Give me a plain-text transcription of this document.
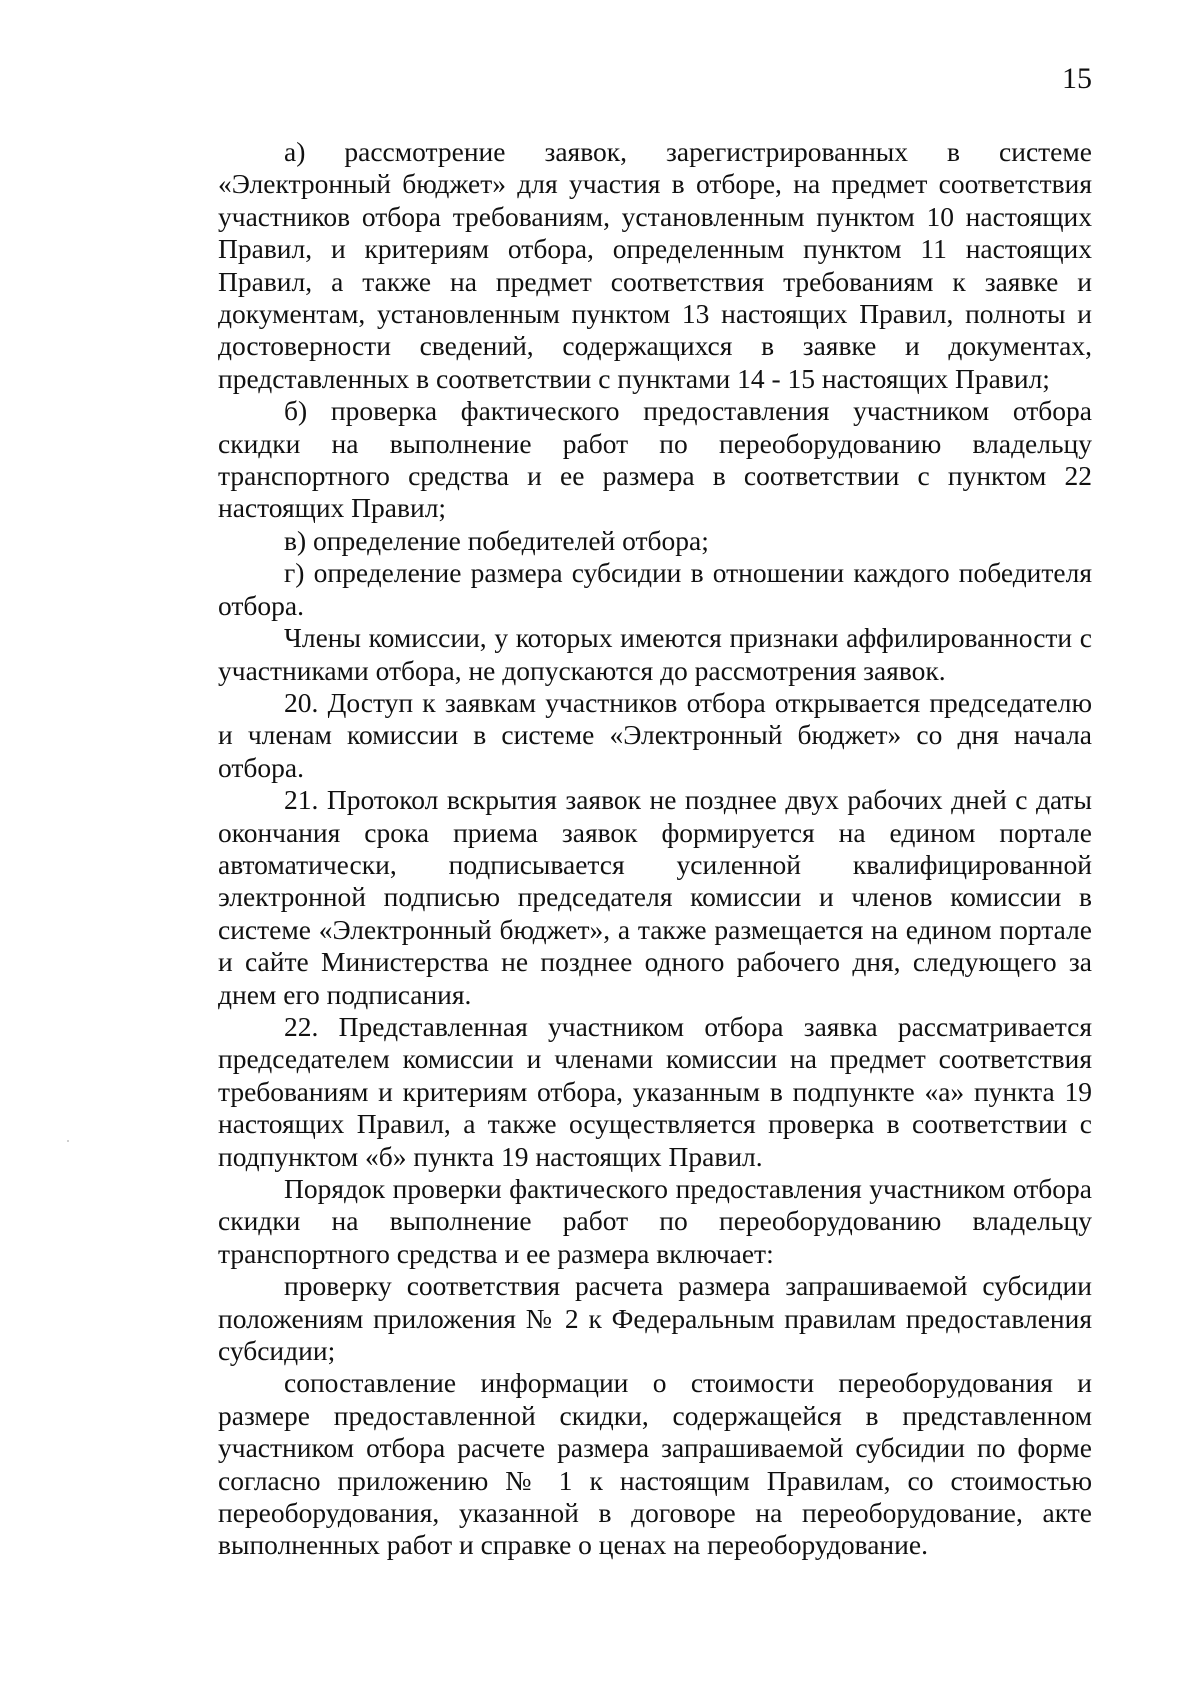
15

а) рассмотрение заявок, зарегистрированных в системе «Электронный бюджет» для участия в отборе, на предмет соответствия участников отбора требованиям, установленным пунктом 10 настоящих Правил, и критериям отбора, определенным пунктом 11 настоящих Правил, а также на предмет соответствия требованиям к заявке и документам, установленным пунктом 13 настоящих Правил, полноты и достоверности сведений, содержащихся в заявке и документах, представленных в соответствии с пунктами 14 - 15 настоящих Правил;

б) проверка фактического предоставления участником отбора скидки на выполнение работ по переоборудованию владельцу транспортного средства и ее размера в соответствии с пунктом 22 настоящих Правил;

в) определение победителей отбора;

г) определение размера субсидии в отношении каждого победителя отбора.

Члены комиссии, у которых имеются признаки аффилированности с участниками отбора, не допускаются до рассмотрения заявок.

20. Доступ к заявкам участников отбора открывается председателю и членам комиссии в системе «Электронный бюджет» со дня начала отбора.

21. Протокол вскрытия заявок не позднее двух рабочих дней с даты окончания срока приема заявок формируется на едином портале автоматически, подписывается усиленной квалифицированной электронной подписью председателя комиссии и членов комиссии в системе «Электронный бюджет», а также размещается на едином портале и сайте Министерства не позднее одного рабочего дня, следующего за днем его подписания.

22. Представленная участником отбора заявка рассматривается председателем комиссии и членами комиссии на предмет соответствия требованиям и критериям отбора, указанным в подпункте «а» пункта 19 настоящих Правил, а также осуществляется проверка в соответствии с подпунктом «б» пункта 19 настоящих Правил.

Порядок проверки фактического предоставления участником отбора скидки на выполнение работ по переоборудованию владельцу транспортного средства и ее размера включает:

проверку соответствия расчета размера запрашиваемой субсидии положениям приложения № 2 к Федеральным правилам предоставления субсидии;

сопоставление информации о стоимости переоборудования и размере предоставленной скидки, содержащейся в представленном участником отбора расчете размера запрашиваемой субсидии по форме согласно приложению № 1 к настоящим Правилам, со стоимостью переоборудования, указанной в договоре на переоборудование, акте выполненных работ и справке о ценах на переоборудование.
